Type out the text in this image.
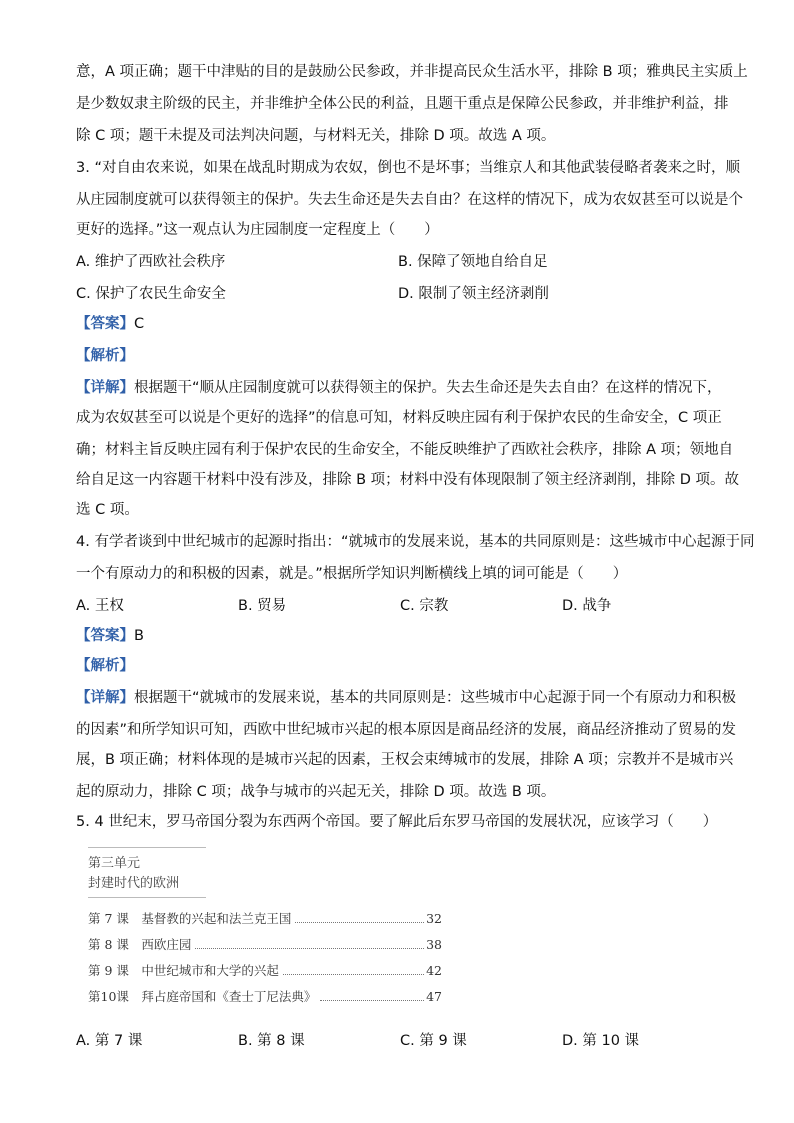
意，A 项正确；题干中津贴的目的是鼓励公民参政，并非提高民众生活水平，排除 B 项；雅典民主实质上
是少数奴隶主阶级的民主，并非维护全体公民的利益，且题干重点是保障公民参政，并非维护利益，排
除 C 项；题干未提及司法判决问题，与材料无关，排除 D 项。故选 A 项。
3. “对自由农来说，如果在战乱时期成为农奴，倒也不是坏事；当维京人和其他武装侵略者袭来之时，顺
从庄园制度就可以获得领主的保护。失去生命还是失去自由？在这样的情况下，成为农奴甚至可以说是个
更好的选择。”这一观点认为庄园制度一定程度上（　　）
A. 维护了西欧社会秩序	B. 保障了领地自给自足
C. 保护了农民生命安全	D. 限制了领主经济剥削
【答案】C
【解析】
【详解】根据题干“顺从庄园制度就可以获得领主的保护。失去生命还是失去自由？在这样的情况下，
成为农奴甚至可以说是个更好的选择”的信息可知，材料反映庄园有利于保护农民的生命安全，C 项正
确；材料主旨反映庄园有利于保护农民的生命安全，不能反映维护了西欧社会秩序，排除 A 项；领地自
给自足这一内容题干材料中没有涉及，排除 B 项；材料中没有体现限制了领主经济剥削，排除 D 项。故
选 C 项。
4. 有学者谈到中世纪城市的起源时指出：“就城市的发展来说，基本的共同原则是：这些城市中心起源于同
一个有原动力的和积极的因素，就是。”根据所学知识判断横线上填的词可能是（　　）
A. 王权	B. 贸易	C. 宗教	D. 战争
【答案】B
【解析】
【详解】根据题干“就城市的发展来说，基本的共同原则是：这些城市中心起源于同一个有原动力和积极
的因素”和所学知识可知，西欧中世纪城市兴起的根本原因是商品经济的发展，商品经济推动了贸易的发
展，B 项正确；材料体现的是城市兴起的因素，王权会束缚城市的发展，排除 A 项；宗教并不是城市兴
起的原动力，排除 C 项；战争与城市的兴起无关，排除 D 项。故选 B 项。
5. 4 世纪末，罗马帝国分裂为东西两个帝国。要了解此后东罗马帝国的发展状况，应该学习（　　）
第三单元
封建时代的欧洲
第 7 课　基督教的兴起和法兰克王国	32
第 8 课　西欧庄园	38
第 9 课　中世纪城市和大学的兴起	42
第10课　拜占庭帝国和《查士丁尼法典》	47
A. 第 7 课	B. 第 8 课	C. 第 9 课	D. 第 10 课
